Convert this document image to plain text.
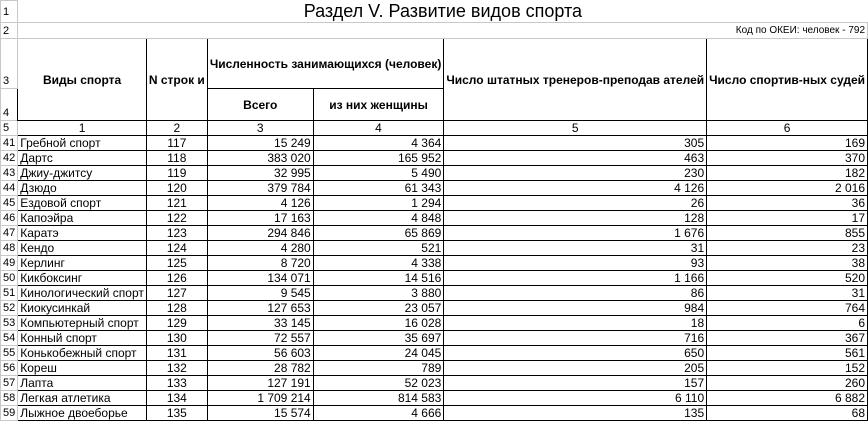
1	Раздел V. Развитие видов спорта					
2	Код по ОКЕИ: человек - 792					
3	Виды спорта	N строк и	Численность занимающихся (человек)		Число штатных тренеров-преподав ателей	Число спортив-ных судей
4			Всего	из них женщины		
5	1	2	3	4	5	6
41	Гребной спорт	117	15 249	4 364	305	169
42	Дартс	118	383 020	165 952	463	370
43	Джиу-джитсу	119	32 995	5 490	230	182
44	Дзюдо	120	379 784	61 343	4 126	2 016
45	Ездовой спорт	121	4 126	1 294	26	36
46	Капоэйра	122	17 163	4 848	128	17
47	Каратэ	123	294 846	65 869	1 676	855
48	Кендо	124	4 280	521	31	23
49	Керлинг	125	8 720	4 338	93	38
50	Кикбоксинг	126	134 071	14 516	1 166	520
51	Кинологический спорт	127	9 545	3 880	86	31
52	Киокусинкай	128	127 653	23 057	984	764
53	Компьютерный спорт	129	33 145	16 028	18	6
54	Конный спорт	130	72 557	35 697	716	367
55	Конькобежный спорт	131	56 603	24 045	650	561
56	Кореш	132	28 782	789	205	152
57	Лапта	133	127 191	52 023	157	260
58	Легкая атлетика	134	1 709 214	814 583	6 110	6 882
59	Лыжное двоеборье	135	15 574	4 666	135	68
